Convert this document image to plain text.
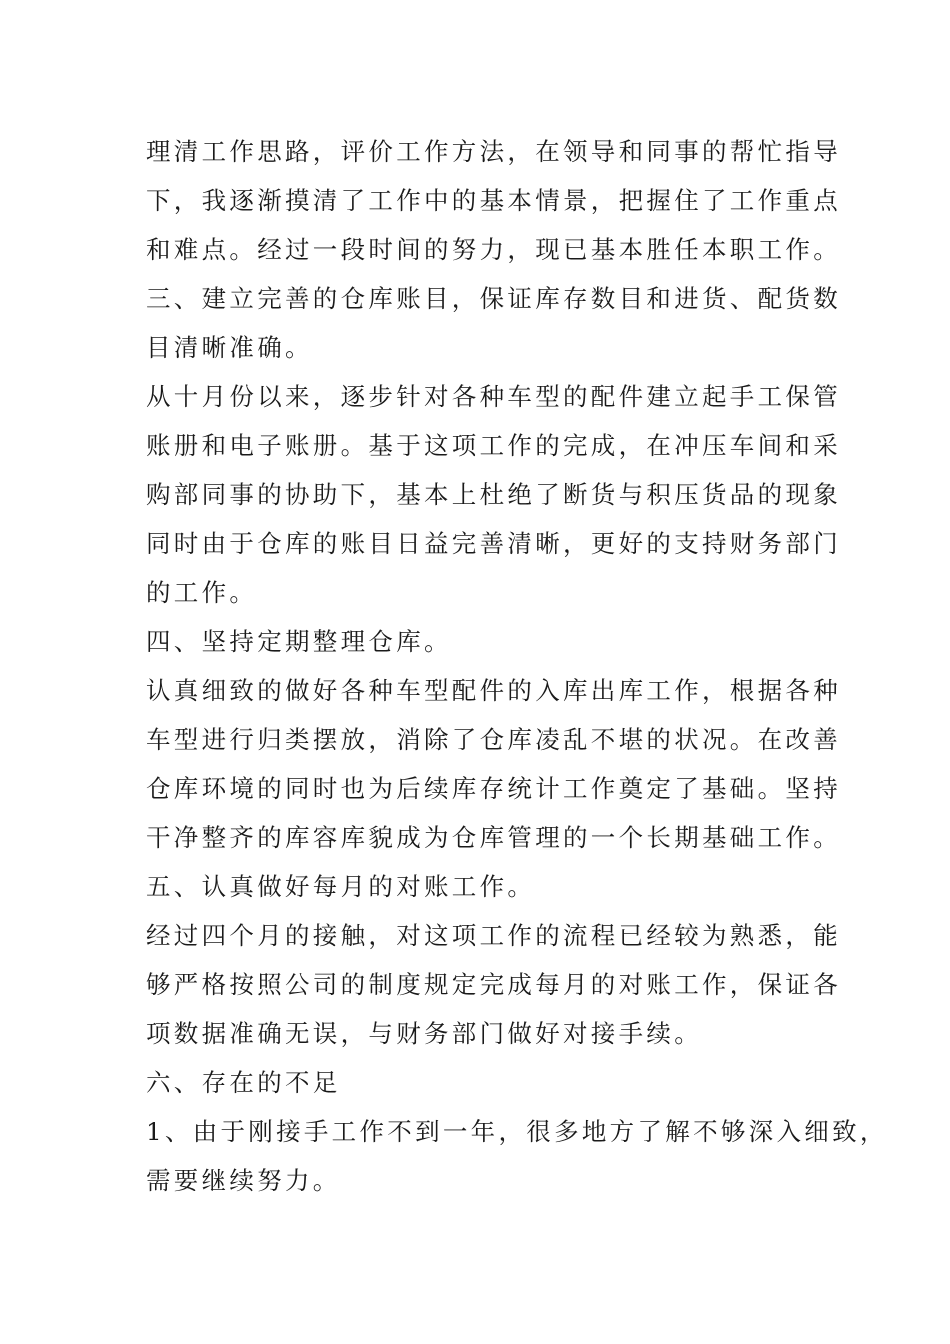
理清工作思路，评价工作方法，在领导和同事的帮忙指导
下，我逐渐摸清了工作中的基本情景，把握住了工作重点
和难点。经过一段时间的努力，现已基本胜任本职工作。
三、建立完善的仓库账目，保证库存数目和进货、配货数
目清晰准确。
从十月份以来，逐步针对各种车型的配件建立起手工保管
账册和电子账册。基于这项工作的完成，在冲压车间和采
购部同事的协助下，基本上杜绝了断货与积压货品的现象
同时由于仓库的账目日益完善清晰，更好的支持财务部门
的工作。
四、坚持定期整理仓库。
认真细致的做好各种车型配件的入库出库工作，根据各种
车型进行归类摆放，消除了仓库凌乱不堪的状况。在改善
仓库环境的同时也为后续库存统计工作奠定了基础。坚持
干净整齐的库容库貌成为仓库管理的一个长期基础工作。
五、认真做好每月的对账工作。
经过四个月的接触，对这项工作的流程已经较为熟悉，能
够严格按照公司的制度规定完成每月的对账工作，保证各
项数据准确无误，与财务部门做好对接手续。
六、存在的不足
1、由于刚接手工作不到一年，很多地方了解不够深入细致，
需要继续努力。
